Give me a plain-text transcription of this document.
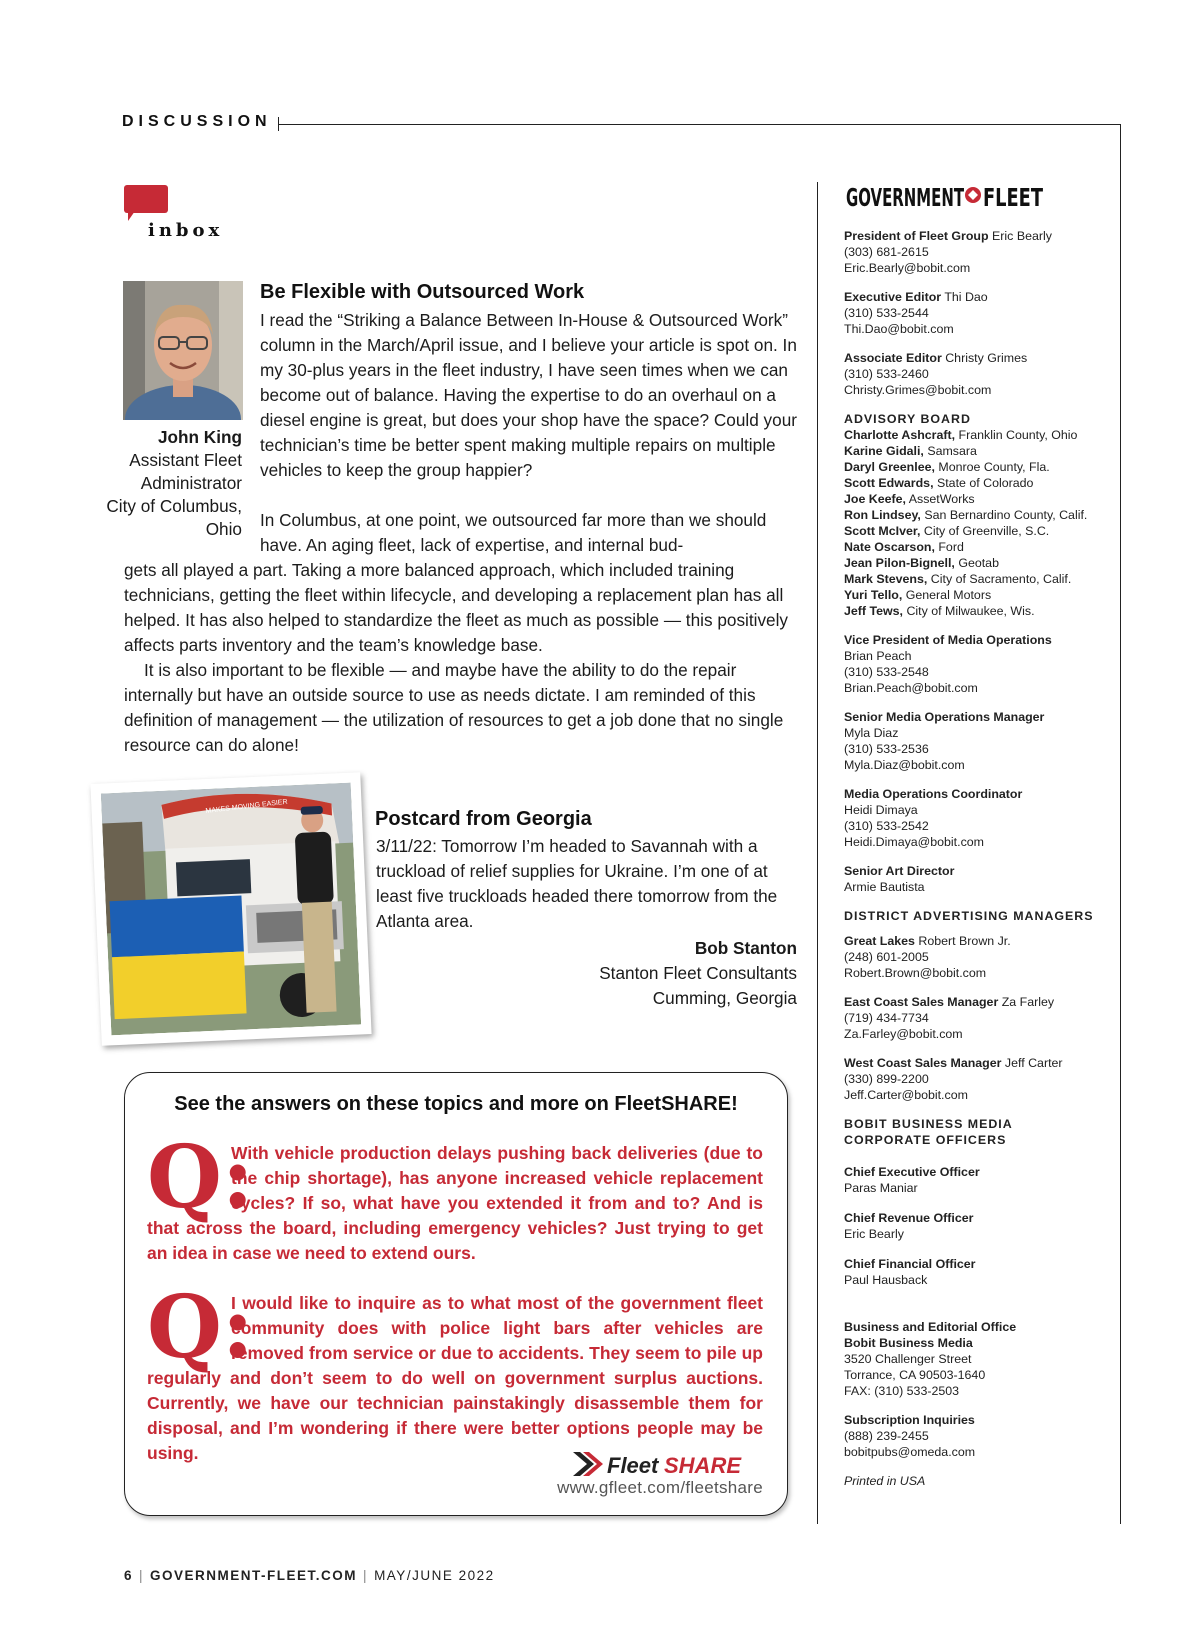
DISCUSSION
inbox
Be Flexible with Outsourced Work
I read the “Striking a Balance Between In-House & Outsourced Work” column in the March/April issue, and I believe your article is spot on. In my 30-plus years in the fleet industry, I have seen times when we can become out of balance. Having the expertise to do an overhaul on a diesel engine is great, but does your shop have the space? Could your technician’s time be better spent making multiple repairs on multiple vehicles to keep the group happier?
In Columbus, at one point, we outsourced far more than we should have. An aging fleet, lack of expertise, and internal bud-
gets all played a part. Taking a more balanced approach, which included training technicians, getting the fleet within lifecycle, and developing a replacement plan has all helped. It has also helped to standardize the fleet as much as possible — this positively affects parts inventory and the team’s knowledge base.
It is also important to be flexible — and maybe have the ability to do the repair internally but have an outside source to use as needs dictate. I am reminded of this definition of management — the utilization of resources to get a job done that no single resource can do alone!
John King
Assistant Fleet Administrator
City of Columbus, Ohio
MAKES MOVING EASIER
Postcard from Georgia
3/11/22: Tomorrow I’m headed to Savannah with a truckload of relief supplies for Ukraine. I’m one of at least five truckloads headed there tomorrow from the Atlanta area.
Bob Stanton
Stanton Fleet Consultants
Cumming, Georgia
See the answers on these topics and more on FleetSHARE!
With vehicle production delays pushing back deliveries (due to the chip shortage), has anyone increased vehicle replacement cycles? If so, what have you extended it from and to? And is that across the board, including emergency vehicles? Just trying to get an idea in case we need to extend ours.
Q:
I would like to inquire as to what most of the government fleet community does with police light bars after vehicles are removed from service or due to accidents. They seem to pile up regularly and don’t seem to do well on government surplus auctions. Currently, we have our technician painstakingly disassemble them for disposal, and I’m wondering if there were better options people may be using.
Q:
Fleet SHARE
www.gfleet.com/fleetshare
6 | GOVERNMENT-FLEET.COM | MAY/JUNE 2022
GOVERNMENT FLEET
President of Fleet Group Eric Bearly
(303) 681-2615
Eric.Bearly@bobit.com
Executive Editor Thi Dao
(310) 533-2544
Thi.Dao@bobit.com
Associate Editor Christy Grimes
(310) 533-2460
Christy.Grimes@bobit.com
ADVISORY BOARD
Charlotte Ashcraft, Franklin County, Ohio
Karine Gidali, Samsara
Daryl Greenlee, Monroe County, Fla.
Scott Edwards, State of Colorado
Joe Keefe, AssetWorks
Ron Lindsey, San Bernardino County, Calif.
Scott McIver, City of Greenville, S.C.
Nate Oscarson, Ford
Jean Pilon-Bignell, Geotab
Mark Stevens, City of Sacramento, Calif.
Yuri Tello, General Motors
Jeff Tews, City of Milwaukee, Wis.
Vice President of Media Operations
Brian Peach
(310) 533-2548
Brian.Peach@bobit.com
Senior Media Operations Manager
Myla Diaz
(310) 533-2536
Myla.Diaz@bobit.com
Media Operations Coordinator
Heidi Dimaya
(310) 533-2542
Heidi.Dimaya@bobit.com
Senior Art Director
Armie Bautista
DISTRICT ADVERTISING MANAGERS
Great Lakes Robert Brown Jr.
(248) 601-2005
Robert.Brown@bobit.com
East Coast Sales Manager Za Farley
(719) 434-7734
Za.Farley@bobit.com
West Coast Sales Manager Jeff Carter
(330) 899-2200
Jeff.Carter@bobit.com
BOBIT BUSINESS MEDIA
CORPORATE OFFICERS
Chief Executive Officer
Paras Maniar
Chief Revenue Officer
Eric Bearly
Chief Financial Officer
Paul Hausback
Business and Editorial Office
Bobit Business Media
3520 Challenger Street
Torrance, CA 90503-1640
FAX: (310) 533-2503
Subscription Inquiries
(888) 239-2455
bobitpubs@omeda.com
Printed in USA
